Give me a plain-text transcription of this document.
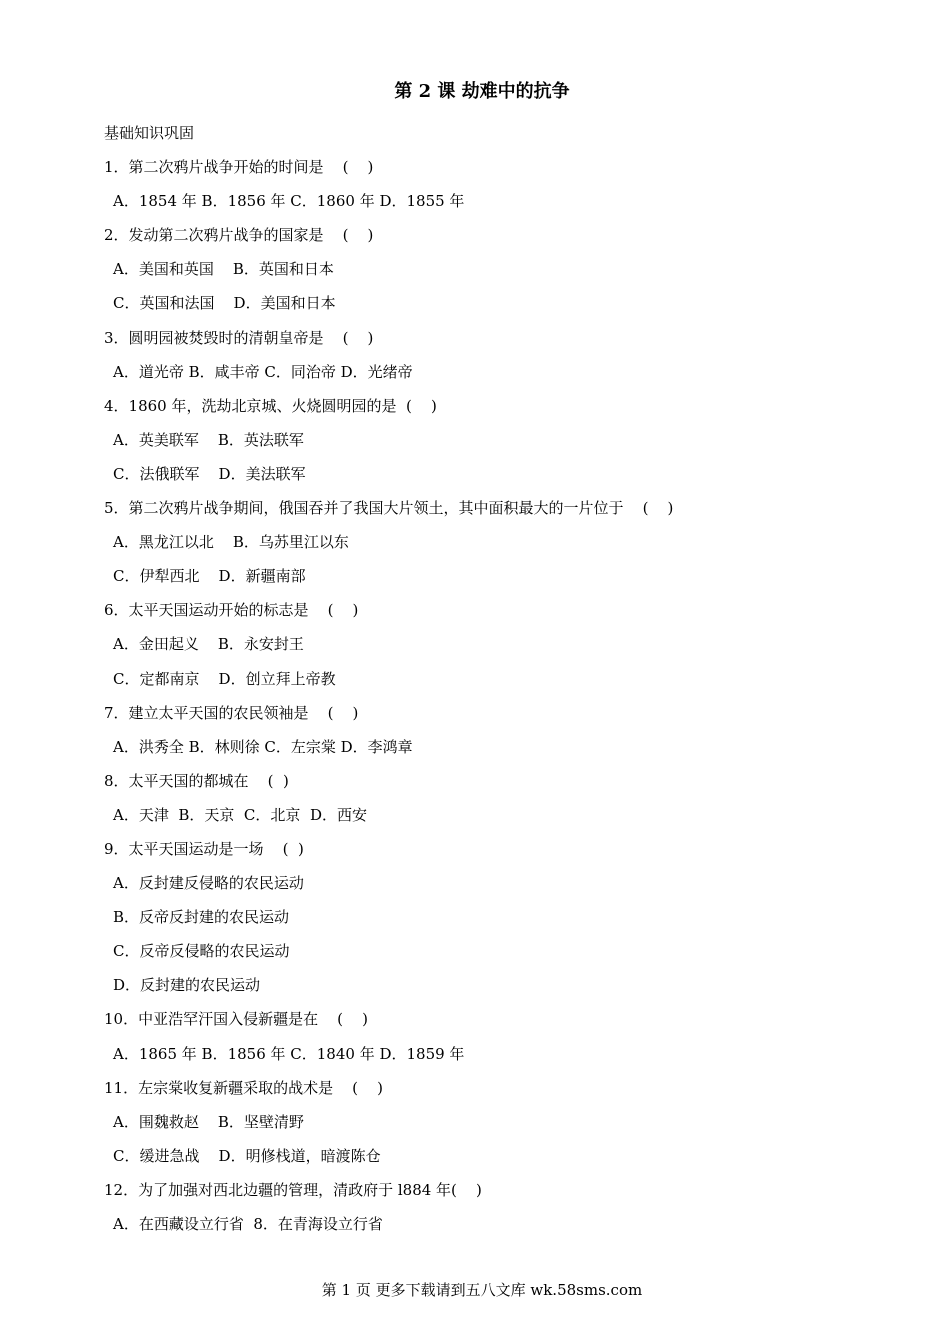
第 2 课 劫难中的抗争
基础知识巩固
1．第二次鸦片战争开始的时间是    (    )
A．1854 年 B．1856 年 C．1860 年 D．1855 年
2．发动第二次鸦片战争的国家是    (    )
A．美国和英国    B．英国和日本
C．英国和法国    D．美国和日本
3．圆明园被焚毁时的清朝皇帝是    (    )
A．道光帝 B．咸丰帝 C．同治帝 D．光绪帝
4．1860 年，洗劫北京城、火烧圆明园的是  (    )
A．英美联军    B．英法联军
C．法俄联军    D．美法联军
5．第二次鸦片战争期间，俄国吞并了我国大片领土，其中面积最大的一片位于    (    )
A．黑龙江以北    B．乌苏里江以东
C．伊犁西北    D．新疆南部
6．太平天国运动开始的标志是    (    )
A．金田起义    B．永安封王
C．定都南京    D．创立拜上帝教
7．建立太平天国的农民领袖是    (    )
A．洪秀全 B．林则徐 C．左宗棠 D．李鸿章
8．太平天国的都城在    (  )
A．天津  B．天京  C．北京  D．西安
9．太平天国运动是一场    (  )
A．反封建反侵略的农民运动
B．反帝反封建的农民运动
C．反帝反侵略的农民运动
D．反封建的农民运动
10．中亚浩罕汗国入侵新疆是在    (    )
A．1865 年 B．1856 年 C．1840 年 D．1859 年
11．左宗棠收复新疆采取的战术是    (    )
A．围魏救赵    B．坚壁清野
C．缓进急战    D．明修栈道，暗渡陈仓
12．为了加强对西北边疆的管理，清政府于 l884 年(    )
A．在西藏设立行省  8．在青海设立行省
第 1 页 更多下载请到五八文库 wk.58sms.com
